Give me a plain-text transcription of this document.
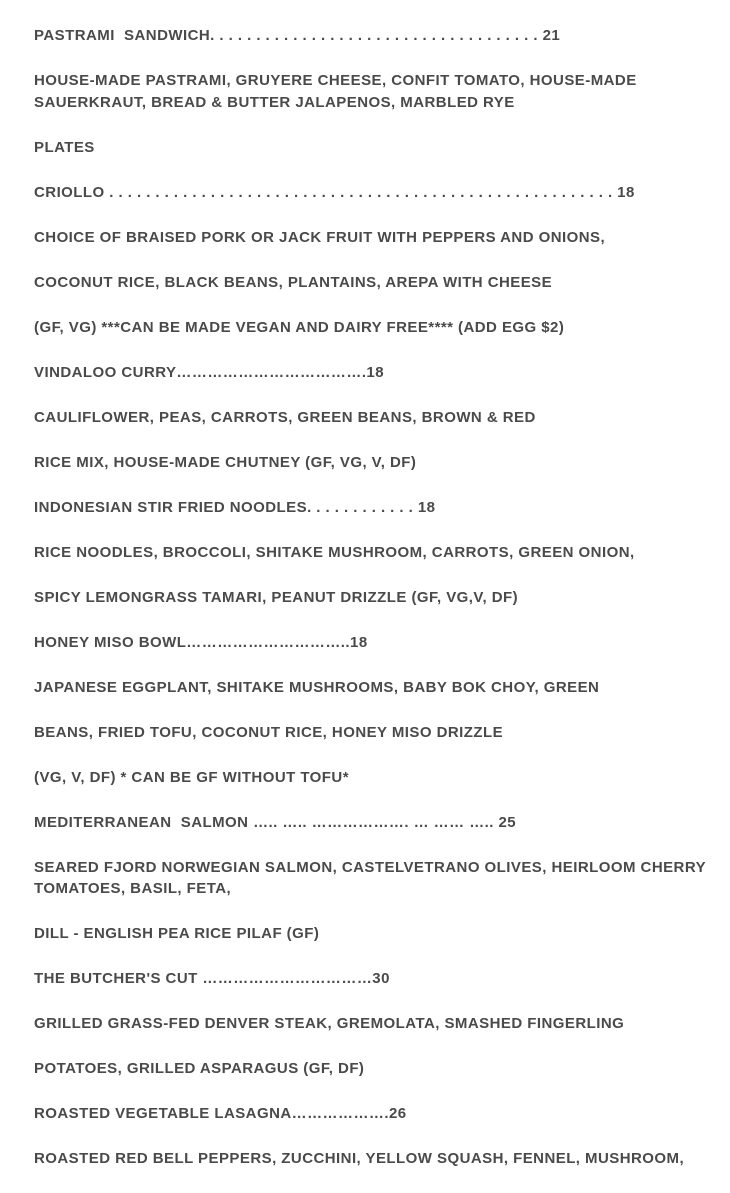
PASTRAMI  SANDWICH. . . . . . . . . . . . . . . . . . . . . . . . . . . . . . . . . . . . 21
HOUSE-MADE PASTRAMI, GRUYERE CHEESE, CONFIT TOMATO, HOUSE-MADE SAUERKRAUT, BREAD & BUTTER JALAPENOS, MARBLED RYE
PLATES
CRIOLLO . . . . . . . . . . . . . . . . . . . . . . . . . . . . . . . . . . . . . . . . . . . . . . . . . . . . . . . 18
CHOICE OF BRAISED PORK OR JACK FRUIT WITH PEPPERS AND ONIONS,
COCONUT RICE, BLACK BEANS, PLANTAINS, AREPA WITH CHEESE
(GF, VG) ***CAN BE MADE VEGAN AND DAIRY FREE**** (ADD EGG $2)
VINDALOO CURRY……………………………….18
CAULIFLOWER, PEAS, CARROTS, GREEN BEANS, BROWN & RED
RICE MIX, HOUSE-MADE CHUTNEY (GF, VG, V, DF)
INDONESIAN STIR FRIED NOODLES. . . . . . . . . . . . 18
RICE NOODLES, BROCCOLI, SHITAKE MUSHROOM, CARROTS, GREEN ONION,
SPICY LEMONGRASS TAMARI, PEANUT DRIZZLE (GF, VG,V, DF)
HONEY MISO BOWL…………………………..18
JAPANESE EGGPLANT, SHITAKE MUSHROOMS, BABY BOK CHOY, GREEN
BEANS, FRIED TOFU, COCONUT RICE, HONEY MISO DRIZZLE
(VG, V, DF) * CAN BE GF WITHOUT TOFU*
MEDITERRANEAN  SALMON ….. ….. ………………. … …… ….. 25
SEARED FJORD NORWEGIAN SALMON, CASTELVETRANO OLIVES, HEIRLOOM CHERRY TOMATOES, BASIL, FETA,
DILL - ENGLISH PEA RICE PILAF (GF)
THE BUTCHER'S CUT ……………………………30
GRILLED GRASS-FED DENVER STEAK, GREMOLATA, SMASHED FINGERLING
POTATOES, GRILLED ASPARAGUS (GF, DF)
ROASTED VEGETABLE LASAGNA……………….26
ROASTED RED BELL PEPPERS, ZUCCHINI, YELLOW SQUASH, FENNEL, MUSHROOM,
